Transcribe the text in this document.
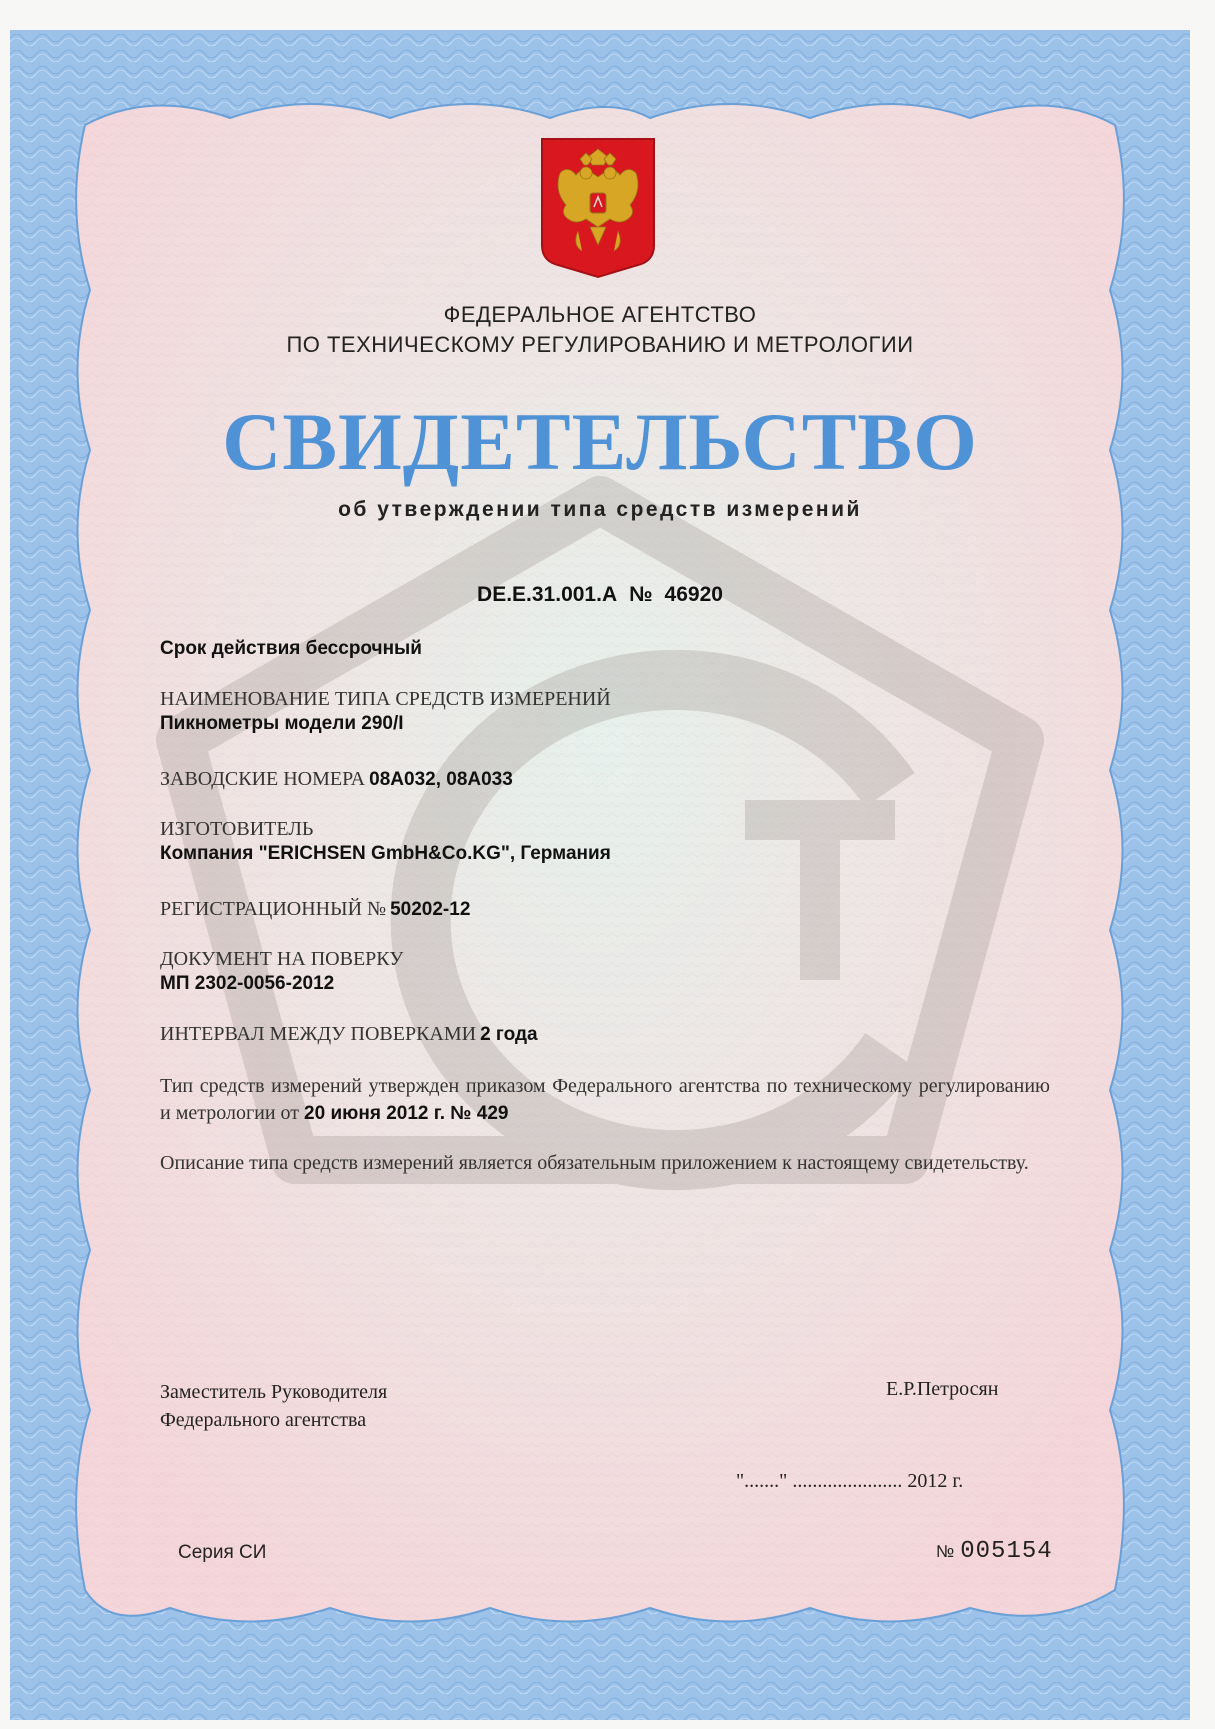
ФЕДЕРАЛЬНОЕ АГЕНТСТВО
ПО ТЕХНИЧЕСКОМУ РЕГУЛИРОВАНИЮ И МЕТРОЛОГИИ
СВИДЕТЕЛЬСТВО
об утверждении типа средств измерений
DE.E.31.001.A № 46920
Срок действия бессрочный
НАИМЕНОВАНИЕ ТИПА СРЕДСТВ ИЗМЕРЕНИЙ
Пикнометры модели 290/I
ЗАВОДСКИЕ НОМЕРА 08А032, 08А033
ИЗГОТОВИТЕЛЬ
Компания "ERICHSEN GmbH&Co.KG", Германия
РЕГИСТРАЦИОННЫЙ № 50202-12
ДОКУМЕНТ НА ПОВЕРКУ
МП 2302-0056-2012
ИНТЕРВАЛ МЕЖДУ ПОВЕРКАМИ 2 года
Тип средств измерений утвержден приказом Федерального агентства по техническому регулированию и метрологии от 20 июня 2012 г. № 429
Описание типа средств измерений является обязательным приложением к настоящему свидетельству.
Заместитель Руководителя
Федерального агентства
Е.Р.Петросян
"......." ...................... 2012 г.
Серия СИ	№ 005154
